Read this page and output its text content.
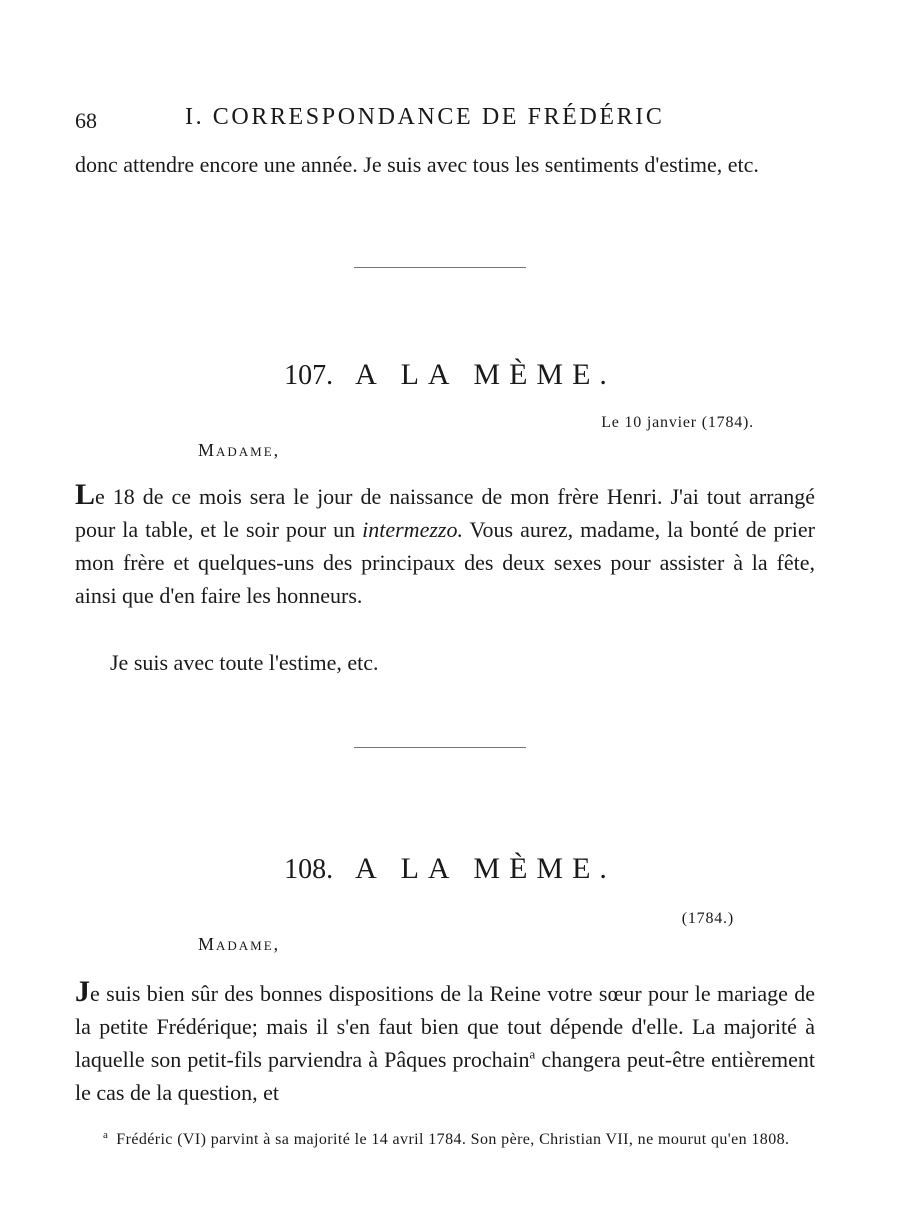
68	I. CORRESPONDANCE DE FRÉDÉRIC

donc attendre encore une année. Je suis avec tous les sentiments d'estime, etc.

107. A LA MÈME.
Le 10 janvier (1784).
Madame,

Le 18 de ce mois sera le jour de naissance de mon frère Henri. J'ai tout arrangé pour la table, et le soir pour un intermezzo. Vous aurez, madame, la bonté de prier mon frère et quelques-uns des principaux des deux sexes pour assister à la fête, ainsi que d'en faire les honneurs.

Je suis avec toute l'estime, etc.

108. A LA MÈME.
(1784.)
Madame,

Je suis bien sûr des bonnes dispositions de la Reine votre sœur pour le mariage de la petite Frédérique; mais il s'en faut bien que tout dépende d'elle. La majorité à laquelle son petit-fils parviendra à Pâques prochain$^a$ changera peut-être entièrement le cas de la question, et

$^a$ Frédéric (VI) parvint à sa majorité le 14 avril 1784. Son père, Christian VII, ne mourut qu'en 1808.
